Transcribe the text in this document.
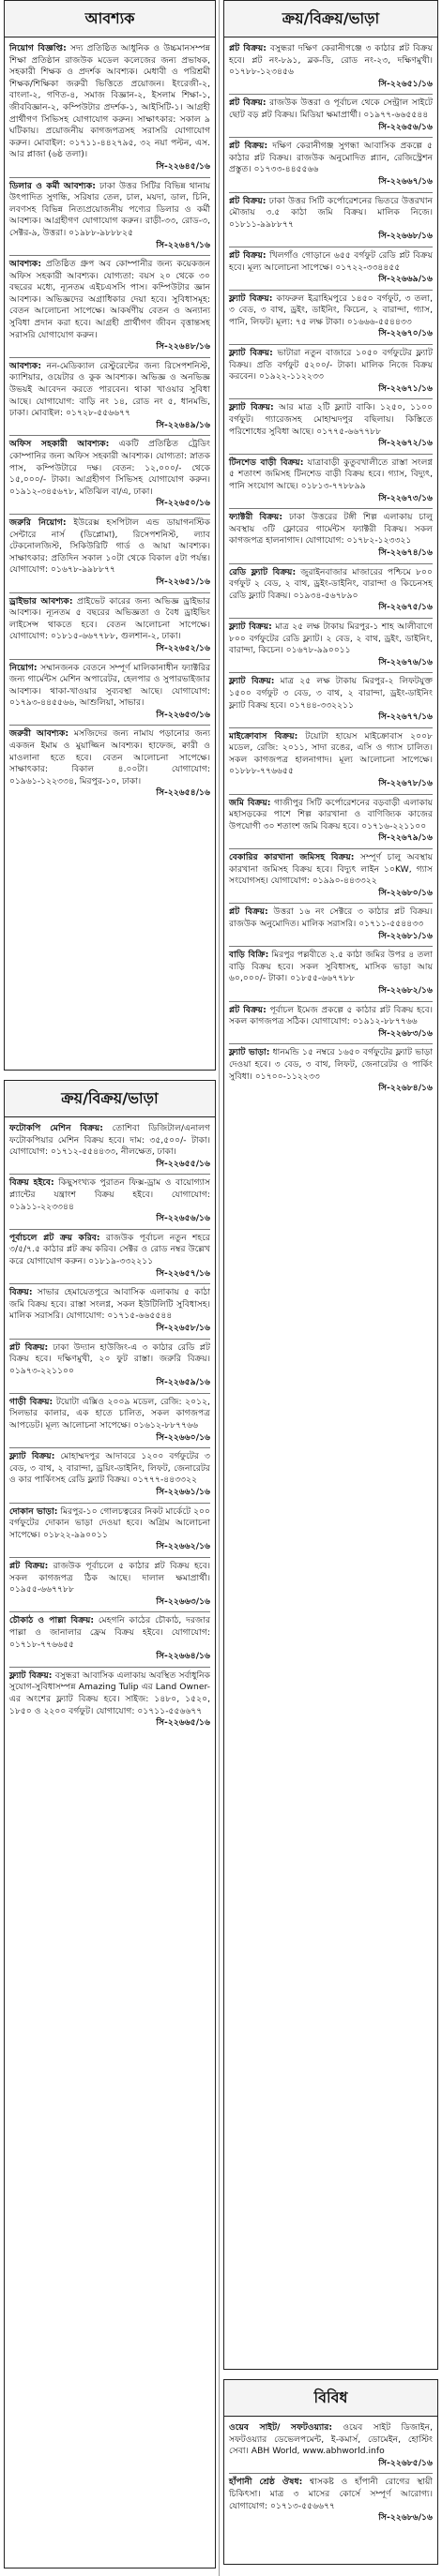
আবশ্যক
নিয়োগ বিজ্ঞপ্তি: সদ্য প্রতিষ্ঠিত আধুনিক ও উচ্চমানসম্পন্ন শিক্ষা প্রতিষ্ঠান রাজউক মডেল কলেজের জন্য প্রভাষক, সহকারী শিক্ষক ও প্রদর্শক আবশ্যক। মেধাবী ও পরিশ্রমী শিক্ষক/শিক্ষিকা জরুরী ভিত্তিতে প্রয়োজন। ইংরেজী-২, বাংলা-২, গণিত-৪, সমাজ বিজ্ঞান-২, ইসলাম শিক্ষা-১, জীববিজ্ঞান-২, কম্পিউটার প্রদর্শক-১, আইসিটি-১। আগ্রহী প্রার্থীগণ সিভিসহ যোগাযোগ করুন। সাক্ষাৎকার: সকাল ৯ ঘটিকায়। প্রয়োজনীয় কাগজপত্রসহ সরাসরি যোগাযোগ করুন। মোবাইল: ০১৭১১-৪৪২৭৯৫, ৩২ নয়া পল্টন, এস. আর প্লাজা (৬ষ্ঠ তলা)।
সি-২২৬৪৫/১৬
ডিলার ও কর্মী আবশ্যক: ঢাকা উত্তর সিটির বিভিন্ন থানায় উৎপাদিত সুগন্ধি, সরিষার তেল, চাল, ময়দা, ডাল, চিনি, লবণসহ বিভিন্ন নিত্যপ্রয়োজনীয় পণ্যের ডিলার ও কর্মী আবশ্যক। আগ্রহীগণ যোগাযোগ করুন। রাড়ী-৩৩, রোড-৩, সেক্টর-৯, উত্তরা। ০১৯৮৮-৯৮৮৮২৫
সি-২২৬৪৭/১৬
আবশ্যক: প্রতিষ্ঠিত গ্রুপ অব কোম্পানীর জন্য কয়েকজন অফিস সহকারী আবশ্যক। যোগ্যতা: বয়স ২০ থেকে ৩০ বছরের মধ্যে, ন্যূনতম এইচএসসি পাস। কম্পিউটার জ্ঞান আবশ্যক। অভিজ্ঞদের অগ্রাধিকার দেয়া হবে। সুবিধাসমূহ: বেতন আলোচনা সাপেক্ষে। আকর্ষণীয় বেতন ও অন্যান্য সুবিধা প্রদান করা হবে। আগ্রহী প্রার্থীগণ জীবন বৃত্তান্তসহ সরাসরি যোগাযোগ করুন।
সি-২২৬৪৮/১৬
আবশ্যক: নন-মেডিক্যাল রেস্টুরেন্টের জন্য রিসেপশনিস্ট, ক্যাশিয়ার, ওয়েটার ও কুক আবশ্যক। অভিজ্ঞ ও অনভিজ্ঞ উভয়ই আবেদন করতে পারবেন। থাকা খাওয়ার সুবিধা আছে। যোগাযোগ: বাড়ি নং ১৪, রোড নং ৫, ধানমন্ডি, ঢাকা। মোবাইল: ০১৭২৮-৫৫৬৬৭৭
সি-২২৬৪৯/১৬
অফিস সহকারী আবশ্যক: একটি প্রতিষ্ঠিত ট্রেডিং কোম্পানির জন্য অফিস সহকারী আবশ্যক। যোগ্যতা: স্নাতক পাস, কম্পিউটারে দক্ষ। বেতন: ১২,০০০/- থেকে ১৫,০০০/- টাকা। আগ্রহীগণ সিভিসহ যোগাযোগ করুন। ০১৯১২-৩৪৫৬৭৮, মতিঝিল বা/এ, ঢাকা।
সি-২২৬৫০/১৬
জরুরি নিয়োগ: ইউরেক্স হসপিটাল এন্ড ডায়াগনস্টিক সেন্টারে নার্স (ডিপ্লোমা), রিসেপশনিস্ট, ল্যাব টেকনোলজিস্ট, সিকিউরিটি গার্ড ও আয়া আবশ্যক। সাক্ষাৎকার: প্রতিদিন সকাল ১০টা থেকে বিকাল ৫টা পর্যন্ত। যোগাযোগ: ০১৬৭৮-৯৯৮৮৭৭
সি-২২৬৫১/১৬
ড্রাইভার আবশ্যক: প্রাইভেট কারের জন্য অভিজ্ঞ ড্রাইভার আবশ্যক। ন্যূনতম ৫ বছরের অভিজ্ঞতা ও বৈধ ড্রাইভিং লাইসেন্স থাকতে হবে। বেতন আলোচনা সাপেক্ষে। যোগাযোগ: ০১৮১৫-৬৬৭৭৮৮, গুলশান-২, ঢাকা।
সি-২২৬৫২/১৬
নিয়োগ: সম্মানজনক বেতনে সম্পূর্ণ মালিকানাধীন ফ্যাক্টরির জন্য গার্মেন্টস মেশিন অপারেটর, হেলপার ও সুপারভাইজার আবশ্যক। থাকা-খাওয়ার সুব্যবস্থা আছে। যোগাযোগ: ০১৭৯৩-৪৪৫৫৬৬, আশুলিয়া, সাভার।
সি-২২৬৫৩/১৬
জরুরী আবশ্যক: মসজিদের জন্য নামায পড়ানোর জন্য একজন ইমাম ও মুয়াজ্জিন আবশ্যক। হাফেজ, ক্বারী ও মাওলানা হতে হবে। বেতন আলোচনা সাপেক্ষে। সাক্ষাৎকার: বিকাল ৪.০০টা। যোগাযোগ: ০১৯৬১-১২২৩৩৪, মিরপুর-১০, ঢাকা।
সি-২২৬৫৪/১৬
ক্রয়/বিক্রয়/ভাড়া
ফটোকপি মেশিন বিক্রয়: তোশিবা ডিজিটাল/এনালগ ফটোকপিয়ার মেশিন বিক্রয় হবে। দাম: ৩৫,৫০০/- টাকা। যোগাযোগ: ০১৭১২-৫৫৪৪৩৩, নীলক্ষেত, ঢাকা।
সি-২২৬৫৫/১৬
বিক্রয় হইবে: কিছুসংখ্যক পুরাতন ফিক্স-ড্রাম ও বায়োগ্যাস প্ল্যান্টের যন্ত্রাংশ বিক্রয় হইবে। যোগাযোগ: ০১৯১১-২২৩৩৪৪
সি-২২৬৫৬/১৬
পূর্বাচলে প্লট ক্রয় করিব: রাজউক পূর্বাচল নতুন শহরে ৩/৫/৭.৫ কাঠার প্লট ক্রয় করিব। সেক্টর ও রোড নম্বর উল্লেখ করে যোগাযোগ করুন। ০১৮১৯-৩৩২২১১
সি-২২৬৫৭/১৬
বিক্রয়: সাভার হেমায়েতপুরে আবাসিক এলাকায় ৫ কাঠা জমি বিক্রয় হবে। রাস্তা সংলগ্ন, সকল ইউটিলিটি সুবিধাসহ। মালিক সরাসরি। যোগাযোগ: ০১৭১৫-৬৬৫৫৪৪
সি-২২৬৫৮/১৬
প্লট বিক্রয়: ঢাকা উদ্যান হাউজিং-এ ৩ কাঠার রেডি প্লট বিক্রয় হবে। দক্ষিণমুখী, ২০ ফুট রাস্তা। জরুরি বিক্রয়। ০১৯৭৩-২২১১০০
সি-২২৬৫৯/১৬
গাড়ী বিক্রয়: টয়োটা এক্সিও ২০০৯ মডেল, রেজি: ২০১২, সিলভার কালার, এক হাতে চালিত, সকল কাগজপত্র আপডেট। মূল্য আলোচনা সাপেক্ষে। ০১৬১২-৮৮৭৭৬৬
সি-২২৬৬০/১৬
ফ্ল্যাট বিক্রয়: মোহাম্মদপুর আদাবরে ১২০০ বর্গফুটের ৩ বেড, ৩ বাথ, ২ বারান্দা, ড্রয়িং-ডাইনিং, লিফট, জেনারেটর ও কার পার্কিংসহ রেডি ফ্ল্যাট বিক্রয়। ০১৭৭৭-৪৪৩৩২২
সি-২২৬৬১/১৬
দোকান ভাড়া: মিরপুর-১০ গোলচত্বরের নিকট মার্কেটে ২০০ বর্গফুটের দোকান ভাড়া দেওয়া হবে। অগ্রিম আলোচনা সাপেক্ষে। ০১৮২২-৯৯০০১১
সি-২২৬৬২/১৬
প্লট বিক্রয়: রাজউক পূর্বাচলে ৫ কাঠার প্লট বিক্রয় হবে। সকল কাগজপত্র ঠিক আছে। দালাল ক্ষমাপ্রার্থী। ০১৯৫৫-৬৬৭৭৮৮
সি-২২৬৬৩/১৬
চৌকাঠ ও পাল্লা বিক্রয়: মেহগনি কাঠের চৌকাঠ, দরজার পাল্লা ও জানালার ফ্রেম বিক্রয় হইবে। যোগাযোগ: ০১৭১৮-৭৭৬৬৫৫
সি-২২৬৬৪/১৬
ফ্ল্যাট বিক্রয়: বসুন্ধরা আবাসিক এলাকায় অবস্থিত সর্বাধুনিক সুযোগ-সুবিধাসম্পন্ন Amazing Tulip এর Land Owner-এর অংশের ফ্ল্যাট বিক্রয় হবে। সাইজ: ১৪৮০, ১৫২০, ১৮৫০ ও ২২০০ বর্গফুট। যোগাযোগ: ০১৭১১-৫৫৬৬৭৭
সি-২২৬৬৫/১৬
ক্রয়/বিক্রয়/ভাড়া
প্লট বিক্রয়: বসুন্ধরা দক্ষিণ কেরানীগঞ্জে ৩ কাঠার প্লট বিক্রয় হবে। প্লট নং-৮৯১, ব্লক-ডি, রোড নং-২৩, দক্ষিণমুখী। ০১৭৮৮-১২৩৪৫৬
সি-২২৬৫১/১৬
প্লট বিক্রয়: রাজউক উত্তরা ও পূর্বাচল থেকে সেন্ট্রাল সাইটে ছোট বড় প্লট বিক্রয়। মিডিয়া ক্ষমাপ্রার্থী। ০১৯৭৭-৬৬৫৫৪৪
সি-২২৬৫৬/১৬
প্লট বিক্রয়: দক্ষিণ কেরানীগঞ্জ সুগন্ধা আবাসিক প্রকল্পে ৫ কাঠার প্লট বিক্রয়। রাজউক অনুমোদিত প্ল্যান, রেজিস্ট্রেশন প্রস্তুত। ০১৭৩৩-৪৪৫৫৬৬
সি-২২৬৬৭/১৬
প্লট বিক্রয়: ঢাকা উত্তর সিটি কর্পোরেশনের ভিতরে উত্তরখান মৌজায় ৩.৫ কাঠা জমি বিক্রয়। মালিক নিজে। ০১৮১১-৯৯৮৮৭৭
সি-২২৬৬৮/১৬
প্লট বিক্রয়: খিলগাঁও গোড়ানে ৬৫৫ বর্গফুট রেডি প্লট বিক্রয় হবে। মূল্য আলোচনা সাপেক্ষে। ০১৭২২-৩৩৪৪৫৫
সি-২২৬৬৯/১৬
ফ্ল্যাট বিক্রয়: কাফরুল ইব্রাহিমপুরে ১৪৫০ বর্গফুট, ৩ তলা, ৩ বেড, ৩ বাথ, ড্রইং, ডাইনিং, কিচেন, ২ বারান্দা, গ্যাস, পানি, লিফট। মূল্য: ৭৫ লক্ষ টাকা। ০১৬৬৬-৫৫৪৪৩৩
সি-২২৬৭০/১৬
ফ্ল্যাট বিক্রয়: ভাটারা নতুন বাজারে ১০৫০ বর্গফুটের ফ্ল্যাট বিক্রয়। প্রতি বর্গফুট ৫২০০/- টাকা। মালিক নিজে বিক্রয় করবেন। ০১৯২২-১১২২৩৩
সি-২২৬৭১/১৬
ফ্ল্যাট বিক্রয়: আর মাত্র ২টি ফ্ল্যাট বাকি। ১২৫০, ১১০০ বর্গফুট। গ্যারেজসহ মোহাম্মদপুর বছিলায়। কিস্তিতে পরিশোধের সুবিধা আছে। ০১৭৭৫-৬৬৭৭৮৮
সি-২২৬৭২/১৬
টিনশেড বাড়ী বিক্রয়: যাত্রাবাড়ী কুতুবখালীতে রাস্তা সংলগ্ন ৫ শতাংশ জমিসহ টিনশেড বাড়ী বিক্রয় হবে। গ্যাস, বিদ্যুৎ, পানি সংযোগ আছে। ০১৮১৩-৭৭৮৮৯৯
সি-২২৬৭৩/১৬
ফ্যাক্টরী বিক্রয়: ঢাকা উত্তরের টঙ্গী শিল্প এলাকায় চালু অবস্থায় ৩টি ফ্লোরের গার্মেন্টস ফ্যাক্টরী বিক্রয়। সকল কাগজপত্র হালনাগাদ। যোগাযোগ: ০১৭৮২-১২৩৩২১
সি-২২৬৭৪/১৬
রেডি ফ্ল্যাট বিক্রয়: জুরাইনবাজার মাজারের পশ্চিমে ৮০০ বর্গফুট ২ বেড, ২ বাথ, ড্রইং-ডাইনিং, বারান্দা ও কিচেনসহ রেডি ফ্ল্যাট বিক্রয়। ০১৯৩৪-৫৬৭৮৯০
সি-২২৬৭৫/১৬
ফ্ল্যাট বিক্রয়: মাত্র ২৫ লক্ষ টাকায় মিরপুর-১ শাহ আলীবাগে ৮০০ বর্গফুটের রেডি ফ্ল্যাট। ২ বেড, ২ বাথ, ড্রইং, ডাইনিং, বারান্দা, কিচেন। ০১৬৭৮-৯৯০০১১
সি-২২৬৭৬/১৬
ফ্ল্যাট বিক্রয়: মাত্র ২৫ লক্ষ টাকায় মিরপুর-২ লিফটযুক্ত ১৫০০ বর্গফুট ৩ বেড, ৩ বাথ, ২ বারান্দা, ড্রইং-ডাইনিং ফ্ল্যাট বিক্রয় হবে। ০১৭৪৪-৩৩২২১১
সি-২২৬৭৭/১৬
মাইক্রোবাস বিক্রয়: টয়োটা হায়েস মাইক্রোবাস ২০০৮ মডেল, রেজি: ২০১১, সাদা রঙের, এসি ও গ্যাস চালিত। সকল কাগজপত্র হালনাগাদ। মূল্য আলোচনা সাপেক্ষে। ০১৮৮৮-৭৭৬৬৫৫
সি-২২৬৭৮/১৬
জমি বিক্রয়: গাজীপুর সিটি কর্পোরেশনের বড়বাড়ী এলাকায় মহাসড়কের পাশে শিল্প কারখানা ও বাণিজ্যিক কাজের উপযোগী ৩০ শতাংশ জমি বিক্রয় হবে। ০১৭১৬-২২১১০০
সি-২২৬৭৯/১৬
বেকারির কারখানা জমিসহ বিক্রয়: সম্পূর্ণ চালু অবস্থায় কারখানা জমিসহ বিক্রয় হবে। বিদ্যুৎ লাইন ১০KW, গ্যাস সংযোগসহ। যোগাযোগ: ০১৯৯০-৪৪৩৩২২
সি-২২৬৮০/১৬
প্লট বিক্রয়: উত্তরা ১৬ নং সেক্টরে ৩ কাঠার প্লট বিক্রয়। রাজউক অনুমোদিত। মালিক সরাসরি। ০১৭১১-৫৫৪৪৩৩
সি-২২৬৮১/১৬
বাড়ি বিক্রি: মিরপুর পল্লবীতে ২.৫ কাঠা জমির উপর ৪ তলা বাড়ি বিক্রয় হবে। সকল সুবিধাসহ, মাসিক ভাড়া আয় ৬০,০০০/- টাকা। ০১৮৫৫-৬৬৭৭৮৮
সি-২২৬৮২/১৬
প্লট বিক্রয়: পূর্বাচল ইমেজ প্রকল্পে ৫ কাঠার প্লট বিক্রয় হবে। সকল কাগজপত্র সঠিক। যোগাযোগ: ০১৯১২-৮৮৭৭৬৬
সি-২২৬৮৩/১৬
ফ্ল্যাট ভাড়া: ধানমন্ডি ১৫ নম্বরে ১৬৫০ বর্গফুটের ফ্ল্যাট ভাড়া দেওয়া হবে। ৩ বেড, ৩ বাথ, লিফট, জেনারেটর ও পার্কিং সুবিধা। ০১৭০০-১১২২৩৩
সি-২২৬৮৪/১৬
বিবিধ
ওয়েব সাইট/ সফটওয়্যার: ওয়েব সাইট ডিজাইন, সফটওয়্যার ডেভেলপমেন্ট, ই-কমার্স, ডোমেইন, হোস্টিং সেবা। ABH World, www.abhworld.info
সি-২২৬৮৫/১৬
হাঁপানী শ্রেষ্ঠ ঔষধ: শ্বাসকষ্ট ও হাঁপানী রোগের স্থায়ী চিকিৎসা। মাত্র ৩ মাসের কোর্সে সম্পূর্ণ আরোগ্য। যোগাযোগ: ০১৭১৩-৫৫৬৬৭৭
সি-২২৬৮৬/১৬
